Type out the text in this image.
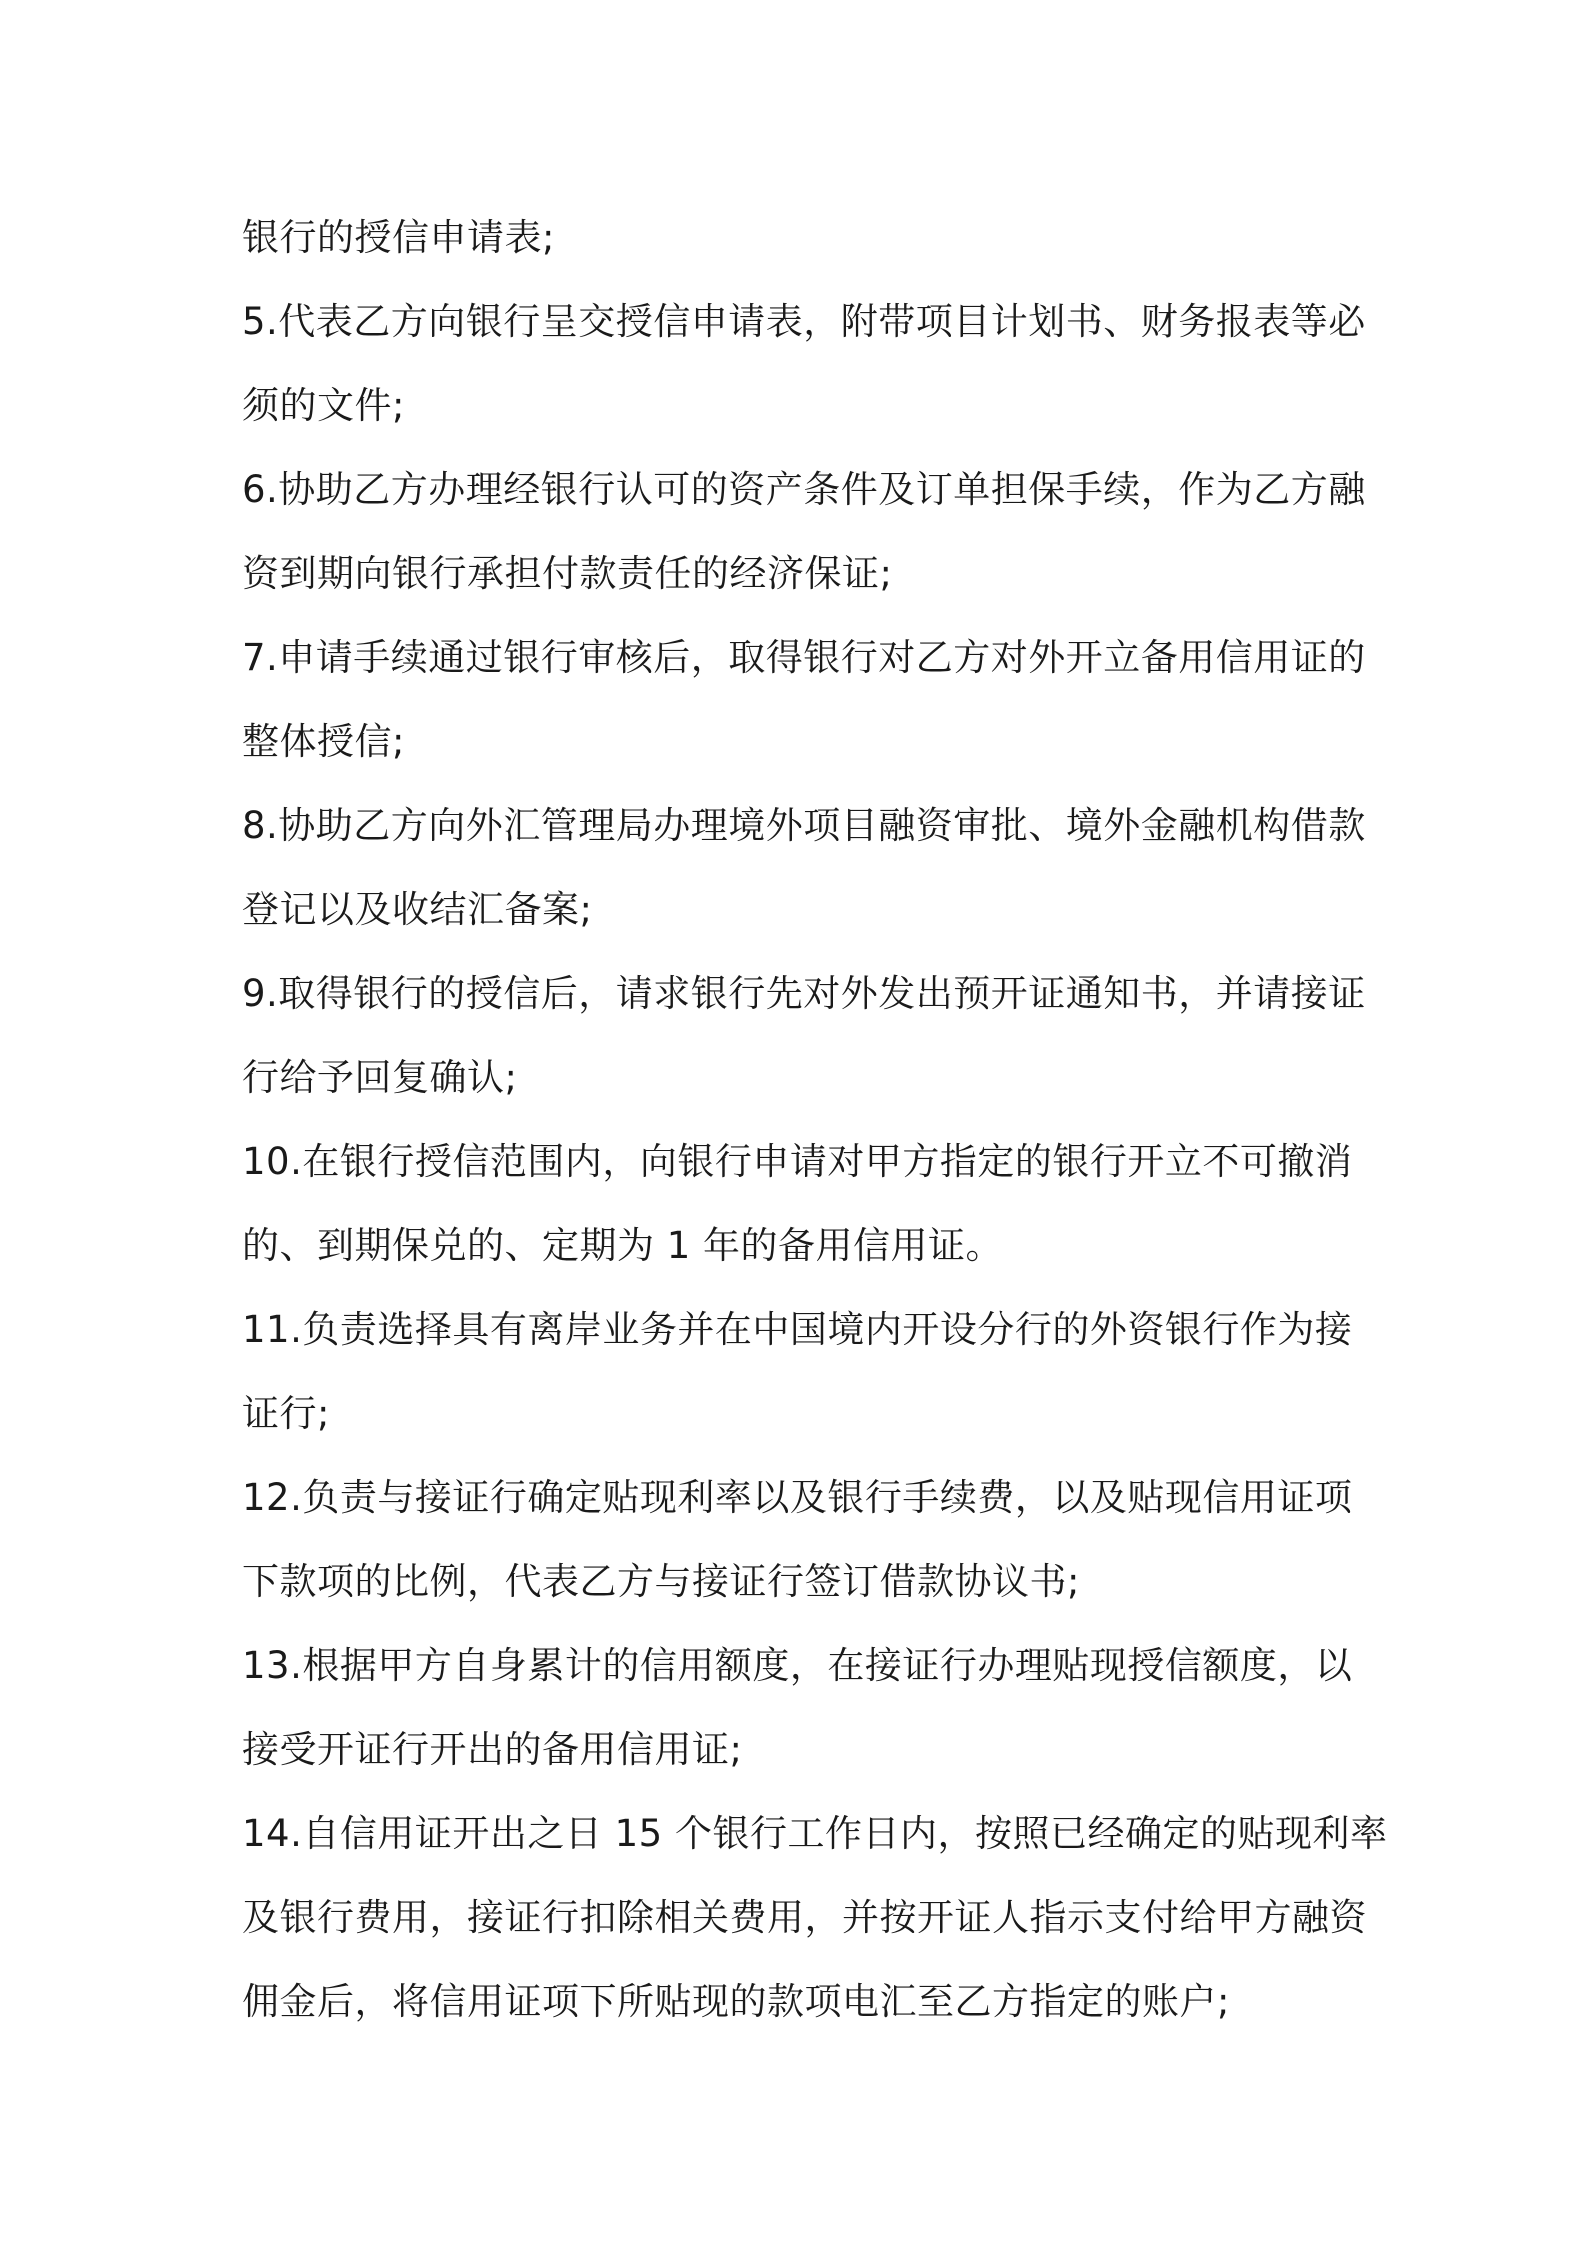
银行的授信申请表;
5.代表乙方向银行呈交授信申请表，附带项目计划书、财务报表等必
须的文件;
6.协助乙方办理经银行认可的资产条件及订单担保手续，作为乙方融
资到期向银行承担付款责任的经济保证;
7.申请手续通过银行审核后，取得银行对乙方对外开立备用信用证的
整体授信;
8.协助乙方向外汇管理局办理境外项目融资审批、境外金融机构借款
登记以及收结汇备案;
9.取得银行的授信后，请求银行先对外发出预开证通知书，并请接证
行给予回复确认;
10.在银行授信范围内，向银行申请对甲方指定的银行开立不可撤消
的、到期保兑的、定期为 1 年的备用信用证。
11.负责选择具有离岸业务并在中国境内开设分行的外资银行作为接
证行;
12.负责与接证行确定贴现利率以及银行手续费，以及贴现信用证项
下款项的比例，代表乙方与接证行签订借款协议书;
13.根据甲方自身累计的信用额度，在接证行办理贴现授信额度，以
接受开证行开出的备用信用证;
14.自信用证开出之日 15 个银行工作日内，按照已经确定的贴现利率
及银行费用，接证行扣除相关费用，并按开证人指示支付给甲方融资
佣金后，将信用证项下所贴现的款项电汇至乙方指定的账户;
